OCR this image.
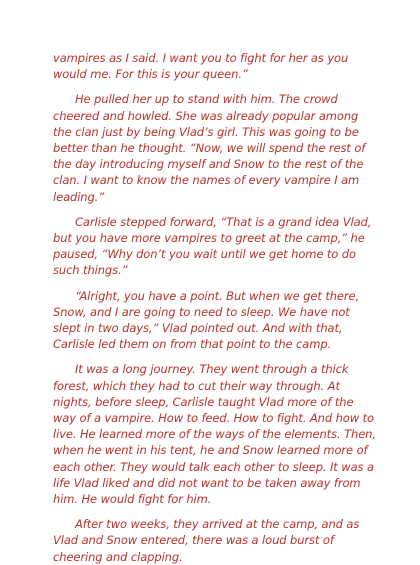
vampires as I said. I want you to fight for her as you would me. For this is your queen.”

He pulled her up to stand with him. The crowd cheered and howled. She was already popular among the clan just by being Vlad’s girl. This was going to be better than he thought. “Now, we will spend the rest of the day introducing myself and Snow to the rest of the clan. I want to know the names of every vampire I am leading.”

Carlisle stepped forward, “That is a grand idea Vlad, but you have more vampires to greet at the camp,” he paused, “Why don’t you wait until we get home to do such things.”

“Alright, you have a point. But when we get there, Snow, and I are going to need to sleep. We have not slept in two days,” Vlad pointed out. And with that, Carlisle led them on from that point to the camp.

It was a long journey. They went through a thick forest, which they had to cut their way through. At nights, before sleep, Carlisle taught Vlad more of the way of a vampire. How to feed. How to fight. And how to live. He learned more of the ways of the elements. Then, when he went in his tent, he and Snow learned more of each other. They would talk each other to sleep. It was a life Vlad liked and did not want to be taken away from him. He would fight for him.

After two weeks, they arrived at the camp, and as Vlad and Snow entered, there was a loud burst of cheering and clapping.
